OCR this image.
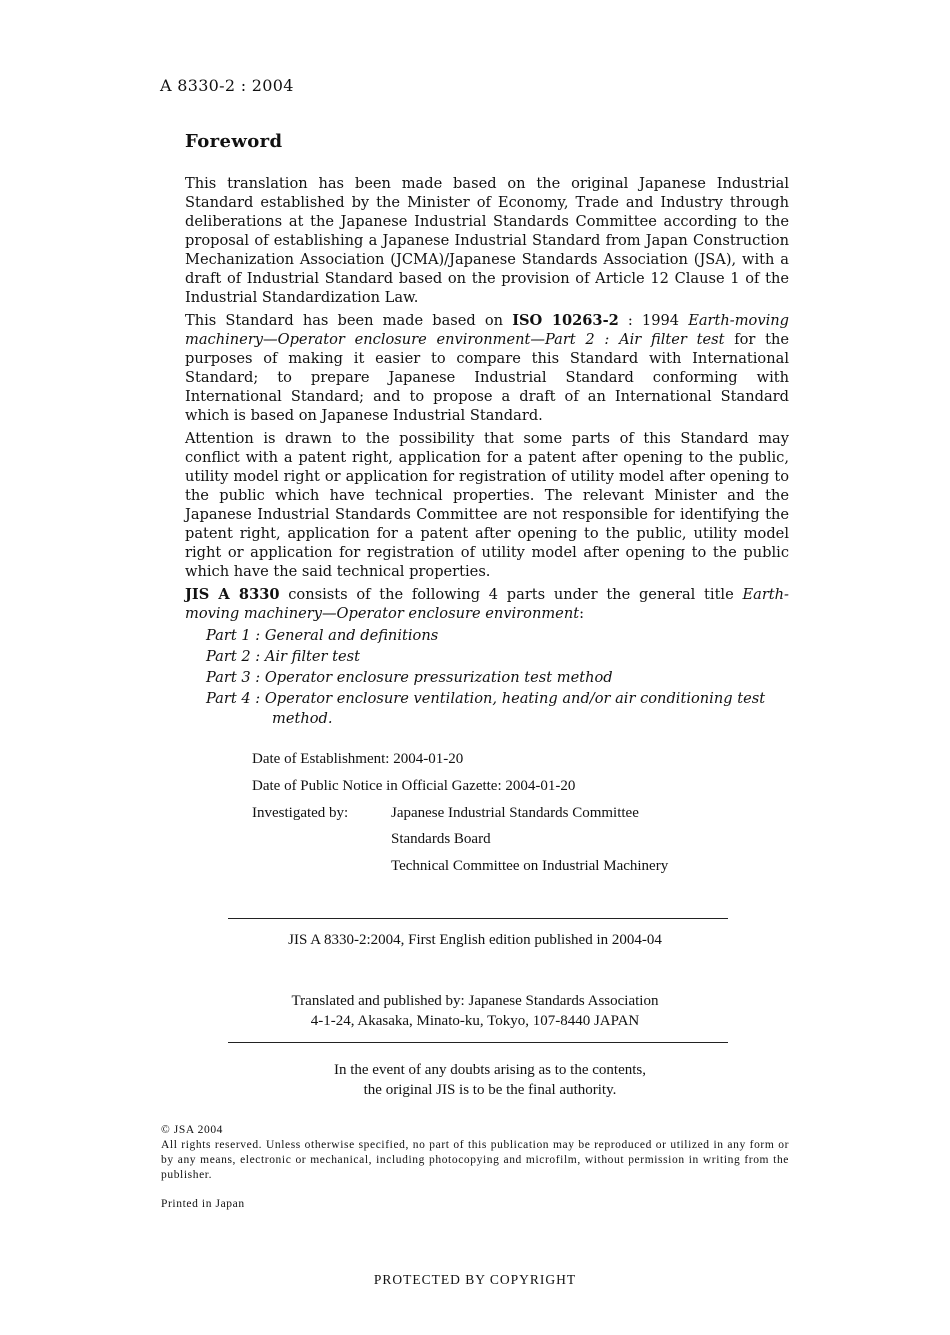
A 8330-2 : 2004
Foreword

This translation has been made based on the original Japanese Industrial Standard established by the Minister of Economy, Trade and Industry through deliberations at the Japanese Industrial Standards Committee according to the proposal of establishing a Japanese Industrial Standard from Japan Construction Mechanization Association (JCMA)/Japanese Standards Association (JSA), with a draft of Industrial Standard based on the provision of Article 12 Clause 1 of the Industrial Standardization Law.

This Standard has been made based on ISO 10263-2 : 1994 Earth-moving machinery—Operator enclosure environment—Part 2 : Air filter test for the purposes of making it easier to compare this Standard with International Standard; to prepare Japanese Industrial Standard conforming with International Standard; and to propose a draft of an International Standard which is based on Japanese Industrial Standard.

Attention is drawn to the possibility that some parts of this Standard may conflict with a patent right, application for a patent after opening to the public, utility model right or application for registration of utility model after opening to the public which have technical properties. The relevant Minister and the Japanese Industrial Standards Committee are not responsible for identifying the patent right, application for a patent after opening to the public, utility model right or application for registration of utility model after opening to the public which have the said technical properties.

JIS A 8330 consists of the following 4 parts under the general title Earth-moving machinery—Operator enclosure environment:

Part 1 : General and definitions
Part 2 : Air filter test
Part 3 : Operator enclosure pressurization test method
Part 4 : Operator enclosure ventilation, heating and/or air conditioning test
method.
Date of Establishment: 2004-01-20
Date of Public Notice in Official Gazette: 2004-01-20
Investigated by:	Japanese Industrial Standards Committee
Standards Board
Technical Committee on Industrial Machinery
JIS A 8330-2:2004, First English edition published in 2004-04
Translated and published by: Japanese Standards Association
4-1-24, Akasaka, Minato-ku, Tokyo, 107-8440 JAPAN
In the event of any doubts arising as to the contents,
the original JIS is to be the final authority.
© JSA 2004
All rights reserved. Unless otherwise specified, no part of this publication may be reproduced or utilized in any form or by any means, electronic or mechanical, including photocopying and microfilm, without permission in writing from the publisher.
Printed in Japan
PROTECTED BY COPYRIGHT
